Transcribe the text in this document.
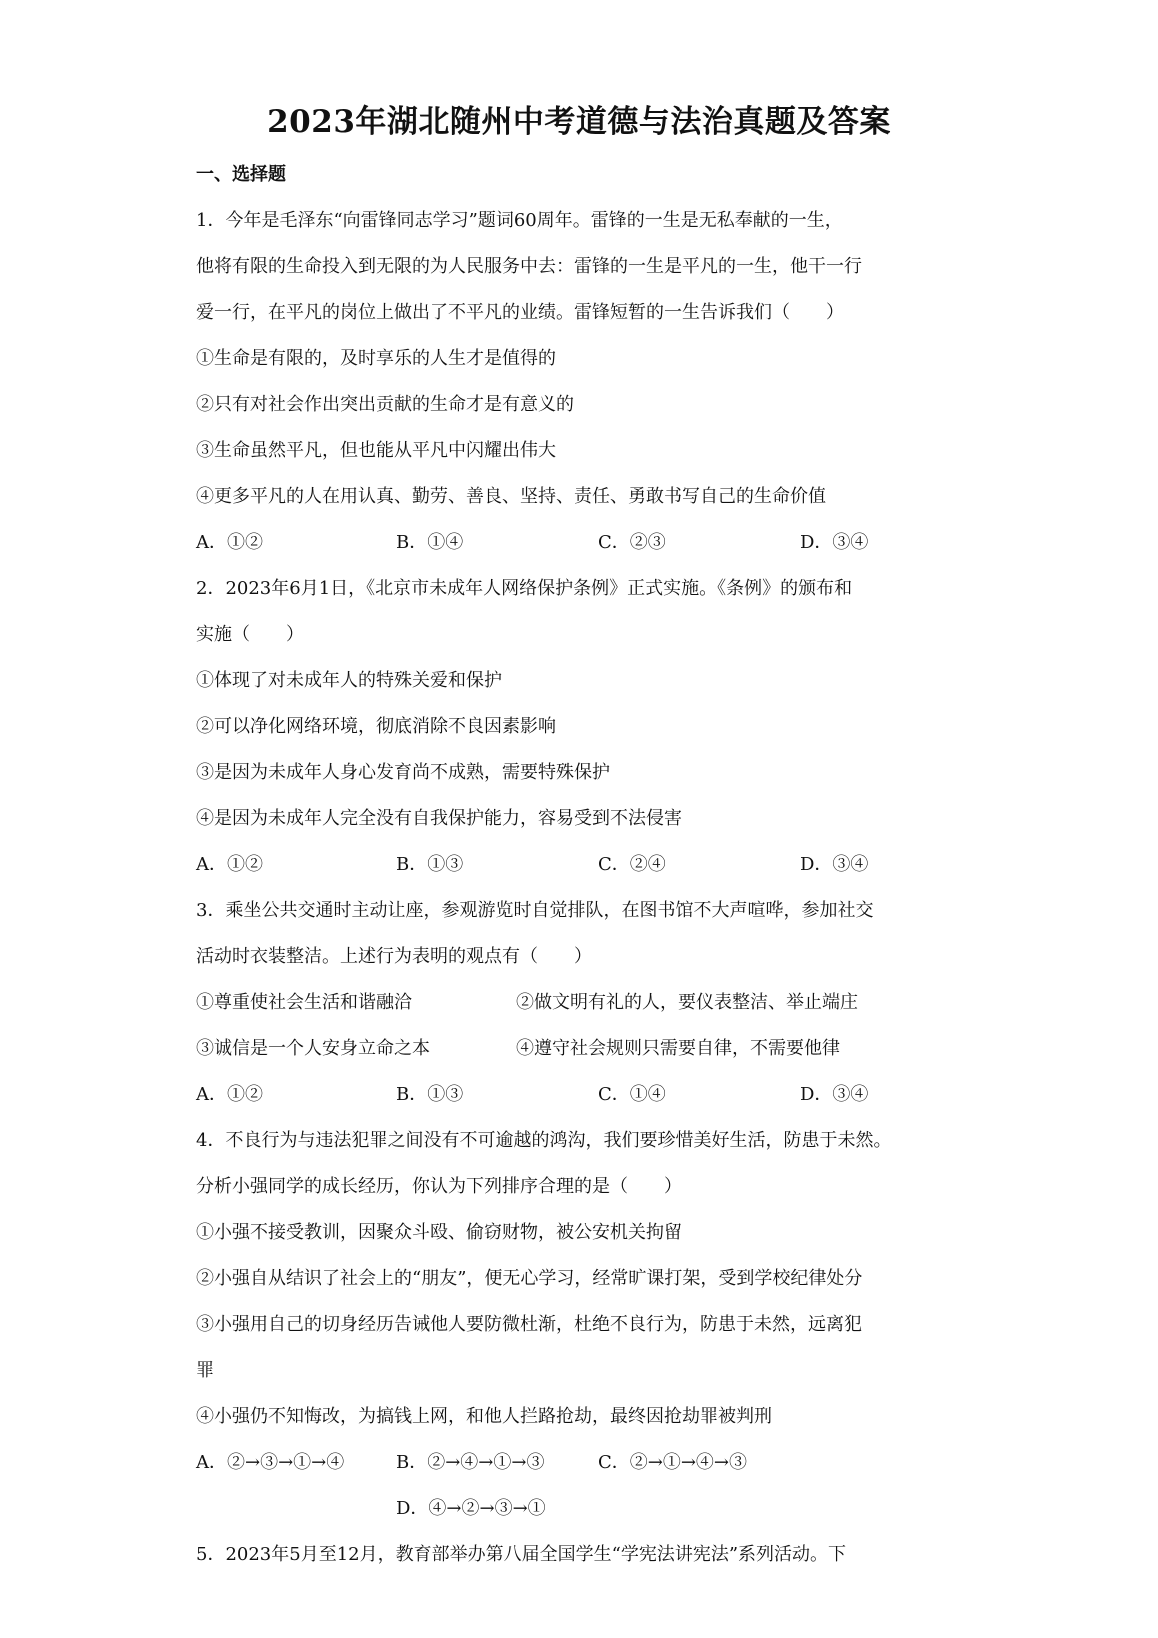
2023年湖北随州中考道德与法治真题及答案
一、选择题
1．今年是毛泽东“向雷锋同志学习”题词60周年。雷锋的一生是无私奉献的一生，
他将有限的生命投入到无限的为人民服务中去：雷锋的一生是平凡的一生，他干一行
爱一行，在平凡的岗位上做出了不平凡的业绩。雷锋短暂的一生告诉我们（　　）
①生命是有限的，及时享乐的人生才是值得的
②只有对社会作出突出贡献的生命才是有意义的
③生命虽然平凡，但也能从平凡中闪耀出伟大
④更多平凡的人在用认真、勤劳、善良、坚持、责任、勇敢书写自己的生命价值
A．①②	B．①④	C．②③	D．③④
2．2023年6月1日，《北京市未成年人网络保护条例》正式实施。《条例》的颁布和
实施（　　）
①体现了对未成年人的特殊关爱和保护
②可以净化网络环境，彻底消除不良因素影响
③是因为未成年人身心发育尚不成熟，需要特殊保护
④是因为未成年人完全没有自我保护能力，容易受到不法侵害
A．①②	B．①③	C．②④	D．③④
3．乘坐公共交通时主动让座，参观游览时自觉排队，在图书馆不大声喧哗，参加社交
活动时衣装整洁。上述行为表明的观点有（　　）
①尊重使社会生活和谐融洽	②做文明有礼的人，要仪表整洁、举止端庄
③诚信是一个人安身立命之本	④遵守社会规则只需要自律，不需要他律
A．①②	B．①③	C．①④	D．③④
4．不良行为与违法犯罪之间没有不可逾越的鸿沟，我们要珍惜美好生活，防患于未然。
分析小强同学的成长经历，你认为下列排序合理的是（　　）
①小强不接受教训，因聚众斗殴、偷窃财物，被公安机关拘留
②小强自从结识了社会上的“朋友”，便无心学习，经常旷课打架，受到学校纪律处分
③小强用自己的切身经历告诫他人要防微杜渐，杜绝不良行为，防患于未然，远离犯
罪
④小强仍不知悔改，为搞钱上网，和他人拦路抢劫，最终因抢劫罪被判刑
A．②→③→①→④	B．②→④→①→③	C．②→①→④→③
D．④→②→③→①
5．2023年5月至12月，教育部举办第八届全国学生“学宪法讲宪法”系列活动。下
